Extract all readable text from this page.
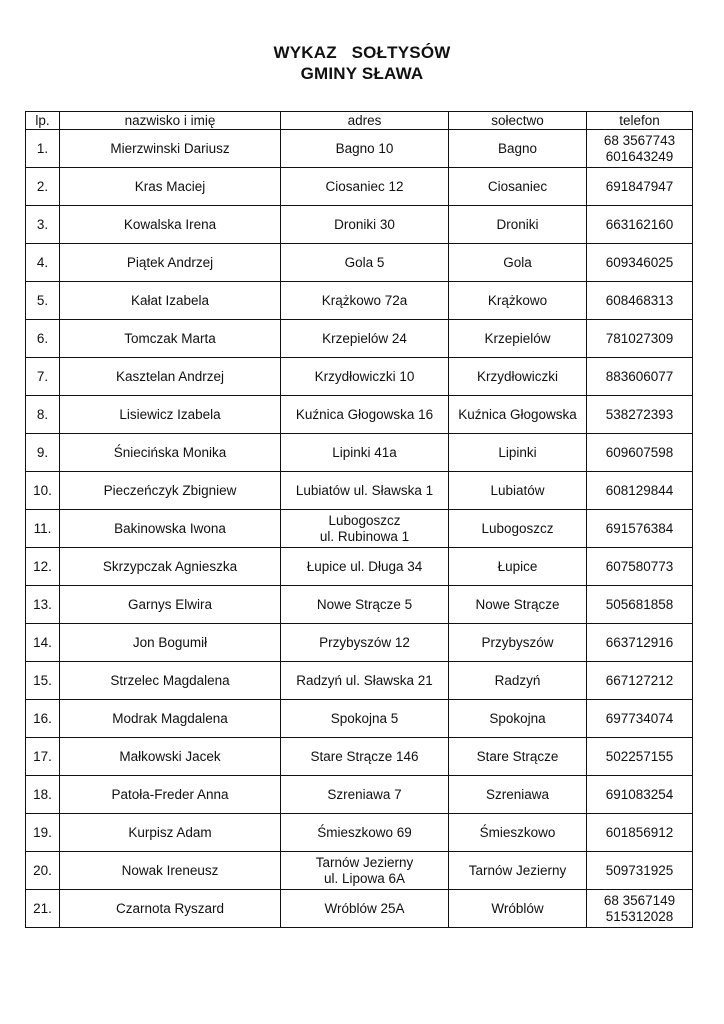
WYKAZ   SOŁTYSÓW
GMINY SŁAWA
lp.	nazwisko i imię	adres	sołectwo	telefon
1.	Mierzwinski Dariusz	Bagno 10	Bagno	68 3567743
601643249

2.	Kras Maciej	Ciosaniec 12	Ciosaniec	691847947

3.	Kowalska Irena	Droniki 30	Droniki	663162160

4.	Piątek Andrzej	Gola 5	Gola	609346025

5.	Kałat Izabela	Krążkowo 72a	Krążkowo	608468313

6.	Tomczak Marta	Krzepielów 24	Krzepielów	781027309

7.	Kasztelan Andrzej	Krzydłowiczki 10	Krzydłowiczki	883606077

8.	Lisiewicz Izabela	Kuźnica Głogowska 16	Kuźnica Głogowska	538272393

9.	Śniecińska Monika	Lipinki 41a	Lipinki	609607598

10.	Pieczeńczyk Zbigniew	Lubiatów ul. Sławska 1	Lubiatów	608129844

11.	Bakinowska Iwona	Lubogoszcz
ul. Rubinowa 1	Lubogoszcz	691576384

12.	Skrzypczak Agnieszka	Łupice ul. Długa 34	Łupice	607580773

13.	Garnys Elwira	Nowe Strącze 5	Nowe Strącze	505681858

14.	Jon Bogumił	Przybyszów 12	Przybyszów	663712916

15.	Strzelec Magdalena	Radzyń ul. Sławska 21	Radzyń	667127212

16.	Modrak Magdalena	Spokojna 5	Spokojna	697734074

17.	Małkowski Jacek	Stare Strącze 146	Stare Strącze	502257155

18.	Patoła-Freder Anna	Szreniawa 7	Szreniawa	691083254

19.	Kurpisz Adam	Śmieszkowo 69	Śmieszkowo	601856912

20.	Nowak Ireneusz	Tarnów Jezierny
ul. Lipowa 6A	Tarnów Jezierny	509731925

21.	Czarnota Ryszard	Wróblów 25A	Wróblów	68 3567149
515312028
